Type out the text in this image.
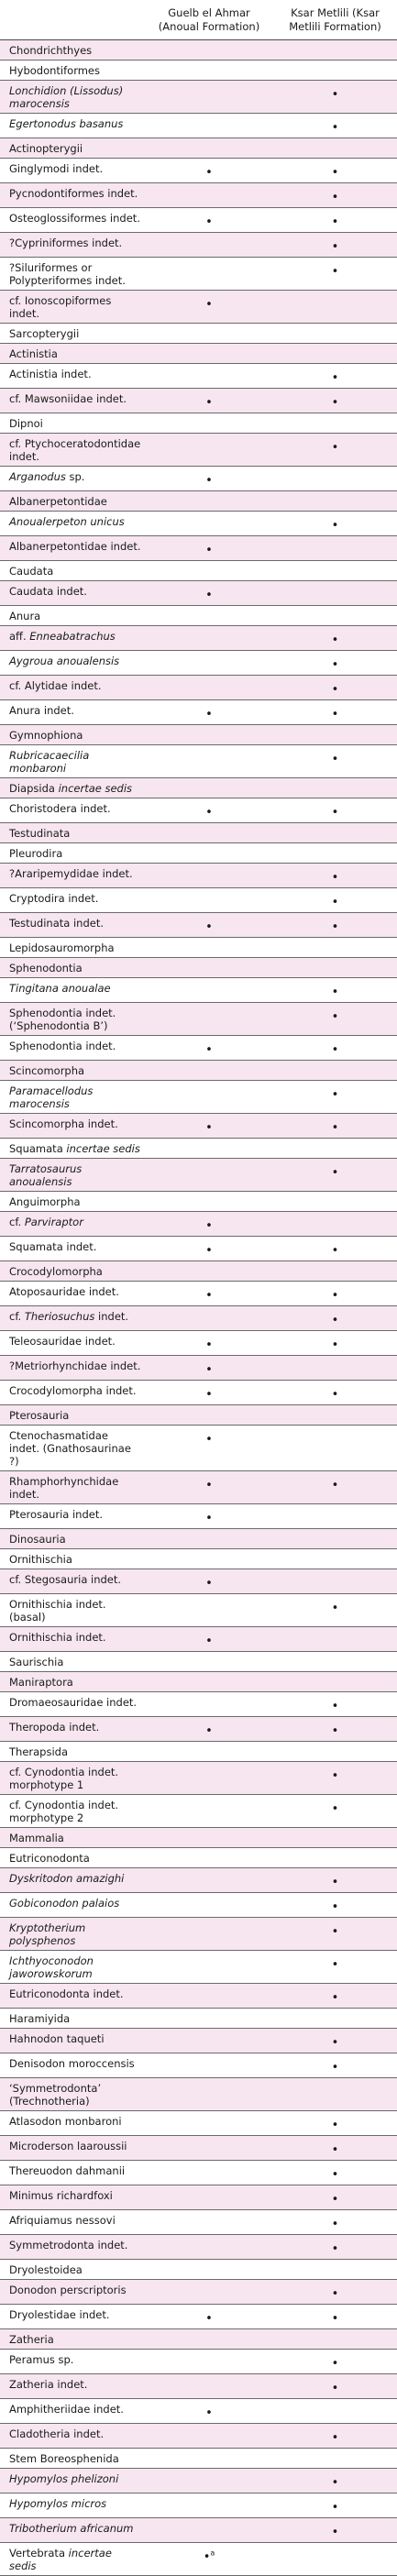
	Guelb el Ahmar (Anoual Formation)	Ksar Metlili (Ksar Metlili Formation)
Chondrichthyes		
Hybodontiformes		
Lonchidion (Lissodus) marocensis		•
Egertonodus basanus		•
Actinopterygii		
Ginglymodi indet.	•	•
Pycnodontiformes indet.		•
Osteoglossiformes indet.	•	•
?Cypriniformes indet.		•
?Siluriformes or Polypteriformes indet.		•
cf. Ionoscopiformes indet.	•	
Sarcopterygii		
Actinistia		
Actinistia indet.		•
cf. Mawsoniidae indet.	•	•
Dipnoi		
cf. Ptychoceratodontidae indet.		•
Arganodus sp.	•	
Albanerpetontidae		
Anoualerpeton unicus		•
Albanerpetontidae indet.	•	
Caudata		
Caudata indet.	•	
Anura		
aff. Enneabatrachus		•
Aygroua anoualensis		•
cf. Alytidae indet.		•
Anura indet.	•	•
Gymnophiona		
Rubricacaecilia monbaroni		•
Diapsida incertae sedis		
Choristodera indet.	•	•
Testudinata		
Pleurodira		
?Araripemydidae indet.		•
Cryptodira indet.		•
Testudinata indet.	•	•
Lepidosauromorpha		
Sphenodontia		
Tingitana anoualae		•
Sphenodontia indet. (‘Sphenodontia B’)		•
Sphenodontia indet.	•	•
Scincomorpha		
Paramacellodus marocensis		•
Scincomorpha indet.	•	•
Squamata incertae sedis		
Tarratosaurus anoualensis		•
Anguimorpha		
cf. Parviraptor	•	
Squamata indet.	•	•
Crocodylomorpha		
Atoposauridae indet.	•	•
cf. Theriosuchus indet.		•
Teleosauridae indet.	•	•
?Metriorhynchidae indet.	•	
Crocodylomorpha indet.	•	•
Pterosauria		
Ctenochasmatidae indet. (Gnathosaurinae ?)	•	
Rhamphorhynchidae indet.	•	•
Pterosauria indet.	•	
Dinosauria		
Ornithischia		
cf. Stegosauria indet.	•	
Ornithischia indet. (basal)		•
Ornithischia indet.	•	
Saurischia		
Maniraptora		
Dromaeosauridae indet.		•
Theropoda indet.	•	•
Therapsida		
cf. Cynodontia indet. morphotype 1		•
cf. Cynodontia indet. morphotype 2		•
Mammalia		
Eutriconodonta		
Dyskritodon amazighi		•
Gobiconodon palaios		•
Kryptotherium polysphenos		•
Ichthyoconodon jaworowskorum		•
Eutriconodonta indet.		•
Haramiyida		
Hahnodon taqueti		•
Denisodon moroccensis		•
‘Symmetrodonta’ (Trechnotheria)		
Atlasodon monbaroni		•
Microderson laaroussii		•
Thereuodon dahmanii		•
Minimus richardfoxi		•
Afriquiamus nessovi		•
Symmetrodonta indet.		•
Dryolestoidea		
Donodon perscriptoris		•
Dryolestidae indet.	•	•
Zatheria		
Peramus sp.		•
Zatheria indet.		•
Amphitheriidae indet.	•	
Cladotheria indet.		•
Stem Boreosphenida		
Hypomylos phelizoni		•
Hypomylos micros		•
Tribotherium africanum		•
Vertebrata incertae sedis	•$^a$	
